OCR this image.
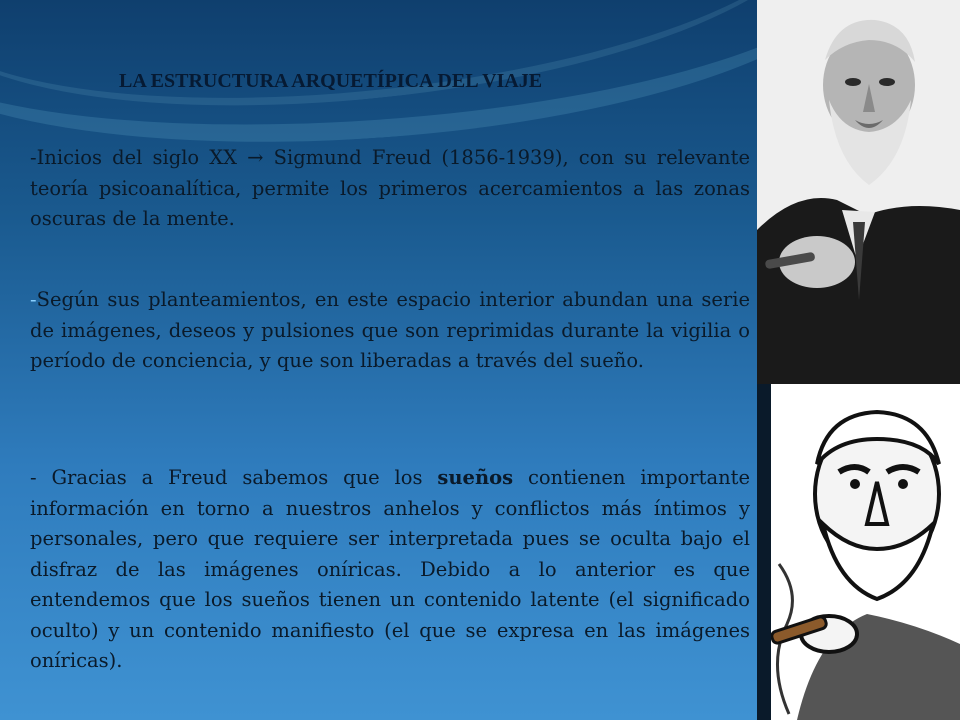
LA ESTRUCTURA ARQUETÍPICA DEL VIAJE
-Inicios del siglo XX → Sigmund Freud (1856-1939), con su relevante teoría psicoanalítica, permite los primeros acercamientos a las zonas oscuras de la mente.
-Según sus planteamientos, en este espacio interior abundan una serie de imágenes, deseos y pulsiones que son reprimidas durante la vigilia o período de conciencia, y que son liberadas a través del sueño.
- Gracias a Freud sabemos que los sueños contienen importante información en torno a nuestros anhelos y conflictos más íntimos y personales, pero que requiere ser interpretada pues se oculta bajo el disfraz de las imágenes oníricas. Debido a lo anterior es que entendemos que los sueños tienen un contenido latente (el significado oculto) y un contenido manifiesto (el que se expresa en las imágenes oníricas).
